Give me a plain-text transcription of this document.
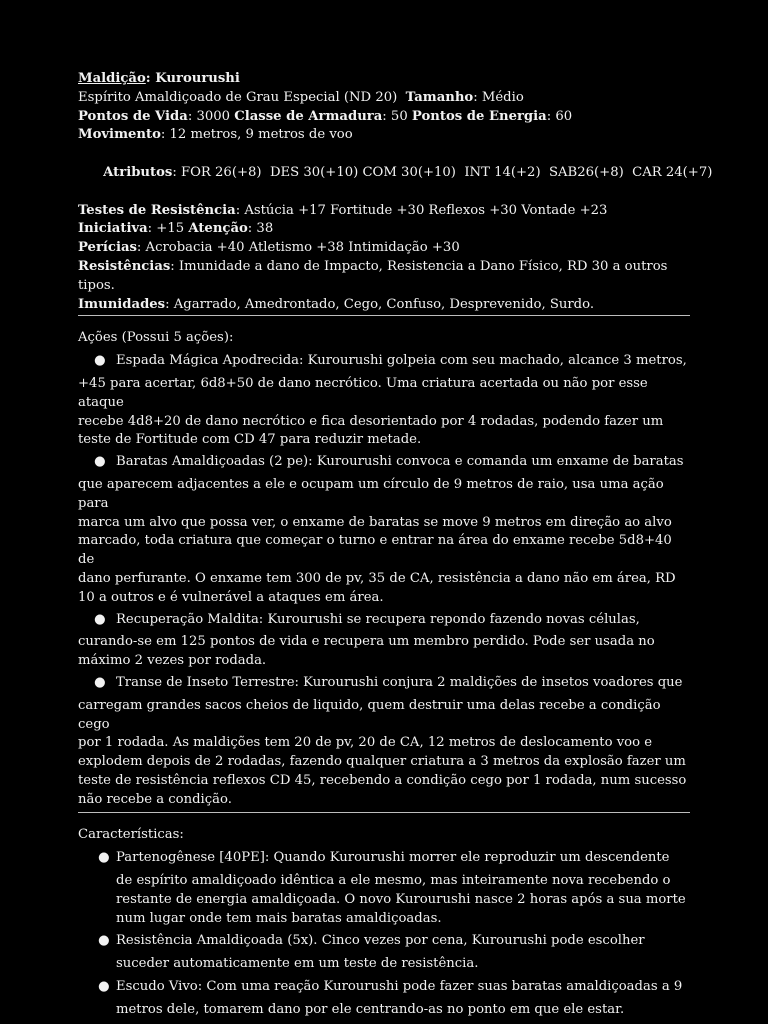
Maldição: Kurourushi

Espírito Amaldiçoado de Grau Especial (ND 20) Tamanho: Médio

Pontos de Vida: 3000 Classe de Armadura: 50 Pontos de Energia: 60

Movimento: 12 metros, 9 metros de voo

Atributos: FOR 26(+8)  DES 30(+10) COM 30(+10)  INT 14(+2)  SAB26(+8)  CAR 24(+7)

Testes de Resistência: Astúcia +17 Fortitude +30 Reflexos +30 Vontade +23

Iniciativa: +15 Atenção: 38

Perícias: Acrobacia +40 Atletismo +38 Intimidação +30

Resistências: Imunidade a dano de Impacto, Resistencia a Dano Físico, RD 30 a outros

tipos.

Imunidades: Agarrado, Amedrontado, Cego, Confuso, Desprevenido, Surdo.

Ações (Possui 5 ações):

● Espada Mágica Apodrecida: Kurourushi golpeia com seu machado, alcance 3 metros,

+45 para acertar, 6d8+50 de dano necrótico. Uma criatura acertada ou não por esse ataque

recebe 4d8+20 de dano necrótico e fica desorientado por 4 rodadas, podendo fazer um

teste de Fortitude com CD 47 para reduzir metade.

● Baratas Amaldiçoadas (2 pe): Kurourushi convoca e comanda um enxame de baratas

que aparecem adjacentes a ele e ocupam um círculo de 9 metros de raio, usa uma ação para

marca um alvo que possa ver, o enxame de baratas se move 9 metros em direção ao alvo

marcado, toda criatura que começar o turno e entrar na área do enxame recebe 5d8+40 de

dano perfurante. O enxame tem 300 de pv, 35 de CA, resistência a dano não em área, RD

10 a outros e é vulnerável a ataques em área.

● Recuperação Maldita: Kurourushi se recupera repondo fazendo novas células,

curando-se em 125 pontos de vida e recupera um membro perdido. Pode ser usada no

máximo 2 vezes por rodada.

● Transe de Inseto Terrestre: Kurourushi conjura 2 maldições de insetos voadores que

carregam grandes sacos cheios de liquido, quem destruir uma delas recebe a condição cego

por 1 rodada. As maldições tem 20 de pv, 20 de CA, 12 metros de deslocamento voo e

explodem depois de 2 rodadas, fazendo qualquer criatura a 3 metros da explosão fazer um

teste de resistência reflexos CD 45, recebendo a condição cego por 1 rodada, num sucesso

não recebe a condição.

Características:

● Partenogênese [40PE]: Quando Kurourushi morrer ele reproduzir um descendente

de espírito amaldiçoado idêntica a ele mesmo, mas inteiramente nova recebendo o

restante de energia amaldiçoada. O novo Kurourushi nasce 2 horas após a sua morte

num lugar onde tem mais baratas amaldiçoadas.

● Resistência Amaldiçoada (5x). Cinco vezes por cena, Kurourushi pode escolher

suceder automaticamente em um teste de resistência.

● Escudo Vivo: Com uma reação Kurourushi pode fazer suas baratas amaldiçoadas a 9

metros dele, tomarem dano por ele centrando-as no ponto em que ele estar.
